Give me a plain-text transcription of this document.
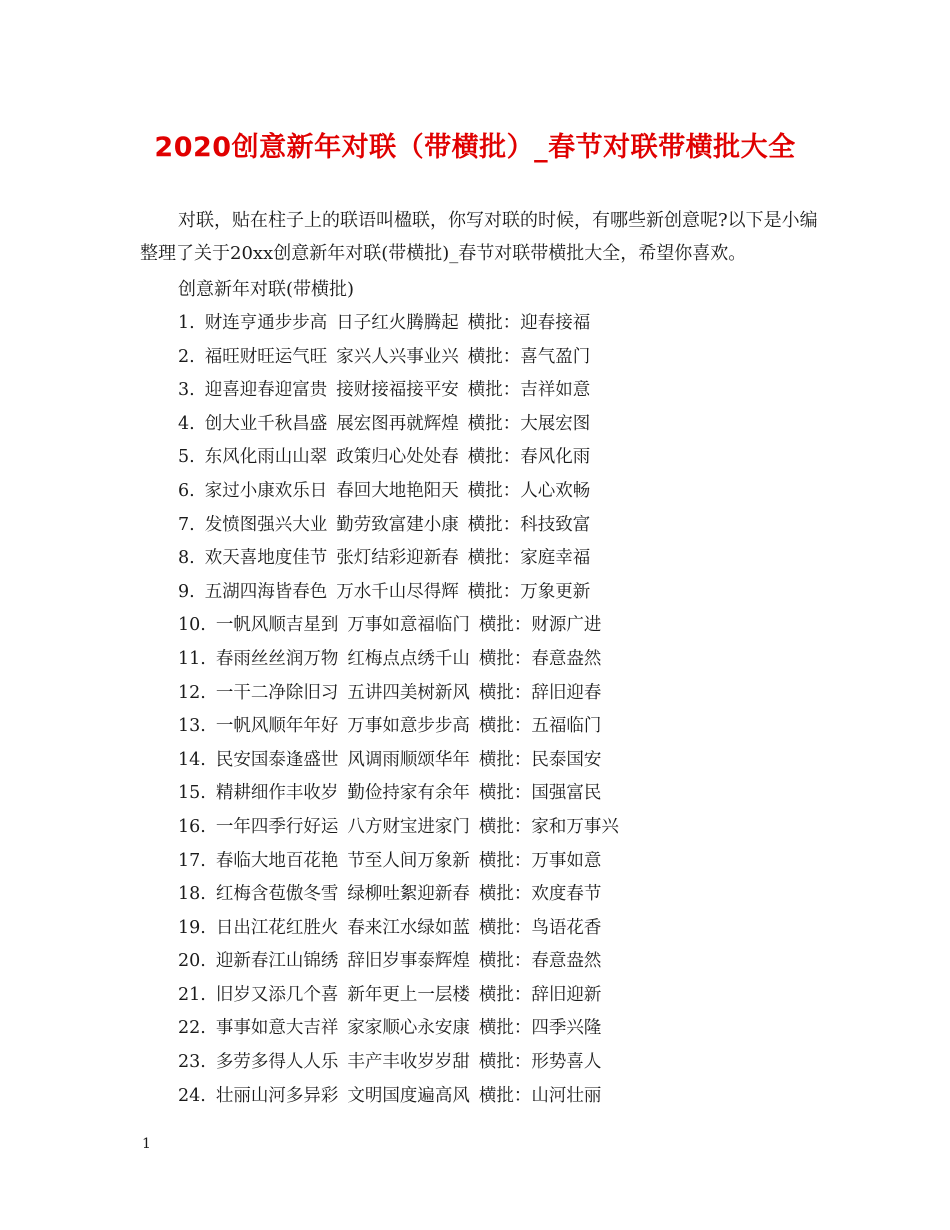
2020创意新年对联（带横批）_春节对联带横批大全

对联，贴在柱子上的联语叫楹联，你写对联的时候，有哪些新创意呢?以下是小编整理了关于20xx创意新年对联(带横批)_春节对联带横批大全，希望你喜欢。

创意新年对联(带横批)

1. 财连亨通步步高 日子红火腾腾起 横批：迎春接福
2. 福旺财旺运气旺 家兴人兴事业兴 横批：喜气盈门
3. 迎喜迎春迎富贵 接财接福接平安 横批：吉祥如意
4. 创大业千秋昌盛 展宏图再就辉煌 横批：大展宏图
5. 东风化雨山山翠 政策归心处处春 横批：春风化雨
6. 家过小康欢乐日 春回大地艳阳天 横批：人心欢畅
7. 发愤图强兴大业 勤劳致富建小康 横批：科技致富
8. 欢天喜地度佳节 张灯结彩迎新春 横批：家庭幸福
9. 五湖四海皆春色 万水千山尽得辉 横批：万象更新
10. 一帆风顺吉星到 万事如意福临门 横批：财源广进
11. 春雨丝丝润万物 红梅点点绣千山 横批：春意盎然
12. 一干二净除旧习 五讲四美树新风 横批：辞旧迎春
13. 一帆风顺年年好 万事如意步步高 横批：五福临门
14. 民安国泰逢盛世 风调雨顺颂华年 横批：民泰国安
15. 精耕细作丰收岁 勤俭持家有余年 横批：国强富民
16. 一年四季行好运 八方财宝进家门 横批：家和万事兴
17. 春临大地百花艳 节至人间万象新 横批：万事如意
18. 红梅含苞傲冬雪 绿柳吐絮迎新春 横批：欢度春节
19. 日出江花红胜火 春来江水绿如蓝 横批：鸟语花香
20. 迎新春江山锦绣 辞旧岁事泰辉煌 横批：春意盎然
21. 旧岁又添几个喜 新年更上一层楼 横批：辞旧迎新
22. 事事如意大吉祥 家家顺心永安康 横批：四季兴隆
23. 多劳多得人人乐 丰产丰收岁岁甜 横批：形势喜人
24. 壮丽山河多异彩 文明国度遍高风 横批：山河壮丽
1
